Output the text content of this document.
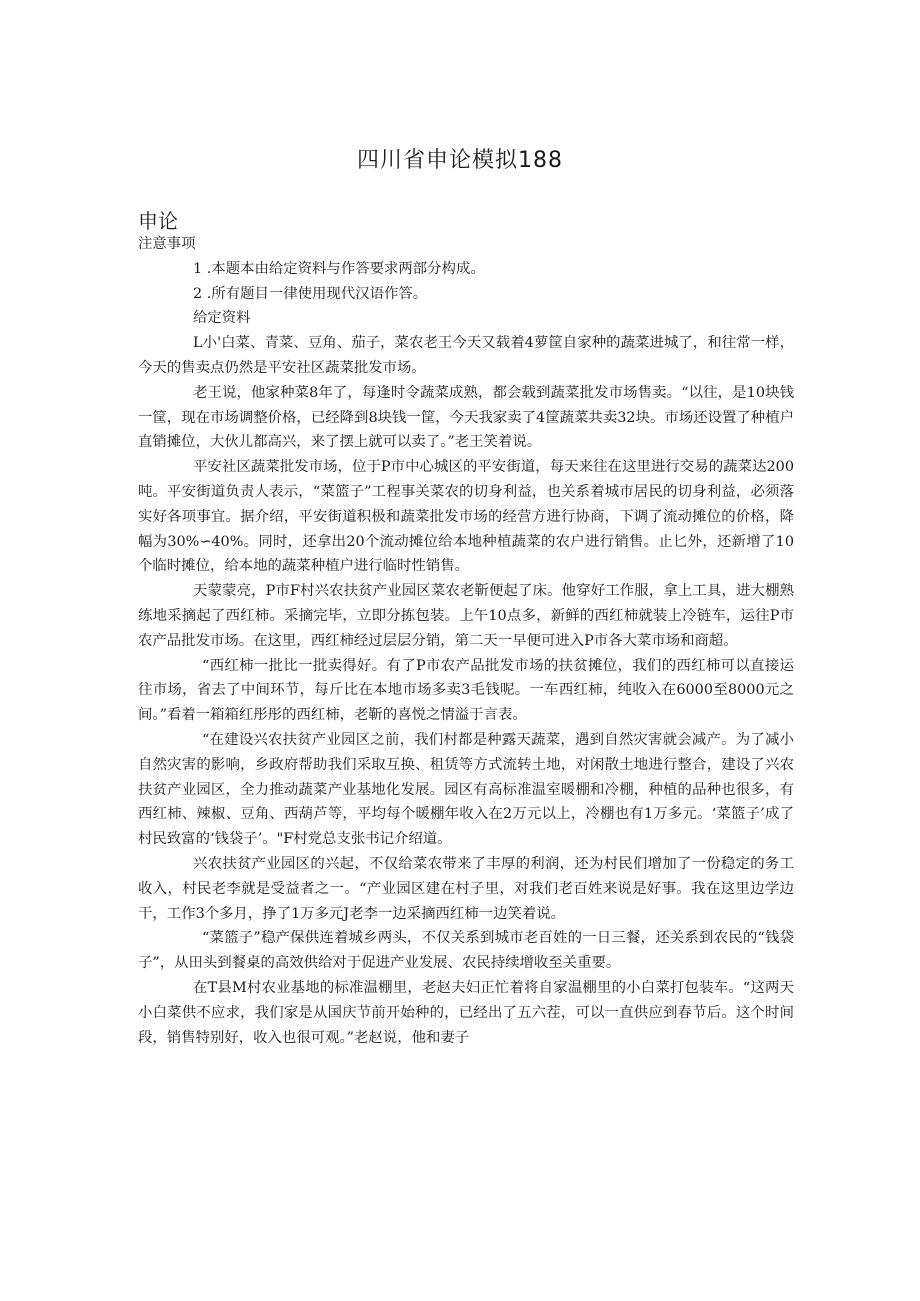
四川省申论模拟188
申论

注意事项

1 .本题本由给定资料与作答要求两部分构成。

2 .所有题目一律使用现代汉语作答。

给定资料

L小'白菜、青菜、豆角、茄子，菜农老王今天又载着4萝筐自家种的蔬菜进城了，和往常一样，今天的售卖点仍然是平安社区蔬菜批发市场。

老王说，他家种菜8年了，每逢时令蔬菜成熟，都会载到蔬菜批发市场售卖。“以往，是10块钱一筐，现在市场调整价格，已经降到8块钱一筐，今天我家卖了4筐蔬菜共卖32块。市场还设置了种植户直销摊位，大伙儿都高兴，来了摆上就可以卖了。”老王笑着说。

平安社区蔬菜批发市场，位于P市中心城区的平安街道，每天来往在这里进行交易的蔬菜达200吨。平安街道负责人表示，“菜篮子”工程事关菜农的切身利益，也关系着城市居民的切身利益，必须落实好各项事宜。据介绍，平安街道积极和蔬菜批发市场的经营方进行协商，下调了流动摊位的价格，降幅为30%∽40%。同时，还拿出20个流动摊位给本地种植蔬菜的农户进行销售。止匕外，还新增了10个临时摊位，给本地的蔬菜种植户进行临时性销售。

天蒙蒙亮，P市F村兴农扶贫产业园区菜农老靳便起了床。他穿好工作服，拿上工具，进大棚熟练地采摘起了西红柿。采摘完毕，立即分拣包装。上午10点多，新鲜的西红柿就装上冷链车，运往P市农产品批发市场。在这里，西红柿经过层层分销，第二天一早便可进入P市各大菜市场和商超。

“西红柿一批比一批卖得好。有了P市农产品批发市场的扶贫摊位，我们的西红柿可以直接运往市场，省去了中间环节，每斤比在本地市场多卖3毛钱呢。一车西红柿，纯收入在6000至8000元之间。”看着一箱箱红彤彤的西红柿，老靳的喜悦之情溢于言表。

“在建设兴农扶贫产业园区之前，我们村都是种露天蔬菜，遇到自然灾害就会减产。为了减小自然灾害的影响，乡政府帮助我们采取互换、租赁等方式流转土地，对闲散土地进行整合，建设了兴农扶贫产业园区，全力推动蔬菜产业基地化发展。园区有高标准温室暖棚和冷棚，种植的品种也很多，有西红柿、辣椒、豆角、西葫芦等，平均每个暖棚年收入在2万元以上，冷棚也有1万多元。‘菜篮子’成了村民致富的‘钱袋子’。"F村党总支张书记介绍道。

兴农扶贫产业园区的兴起，不仅给菜农带来了丰厚的利润，还为村民们增加了一份稳定的务工收入，村民老李就是受益者之一。“产业园区建在村子里，对我们老百姓来说是好事。我在这里边学边干，工作3个多月，挣了1万多元J老李一边采摘西红柿一边笑着说。

“菜篮子”稳产保供连着城乡两头，不仅关系到城市老百姓的一日三餐，还关系到农民的“钱袋子”，从田头到餐桌的高效供给对于促进产业发展、农民持续增收至关重要。

在T县M村农业基地的标准温棚里，老赵夫妇正忙着将自家温棚里的小白菜打包装车。“这两天小白菜供不应求，我们家是从国庆节前开始种的，已经出了五六茬，可以一直供应到春节后。这个时间段，销售特别好，收入也很可观。”老赵说，他和妻子
